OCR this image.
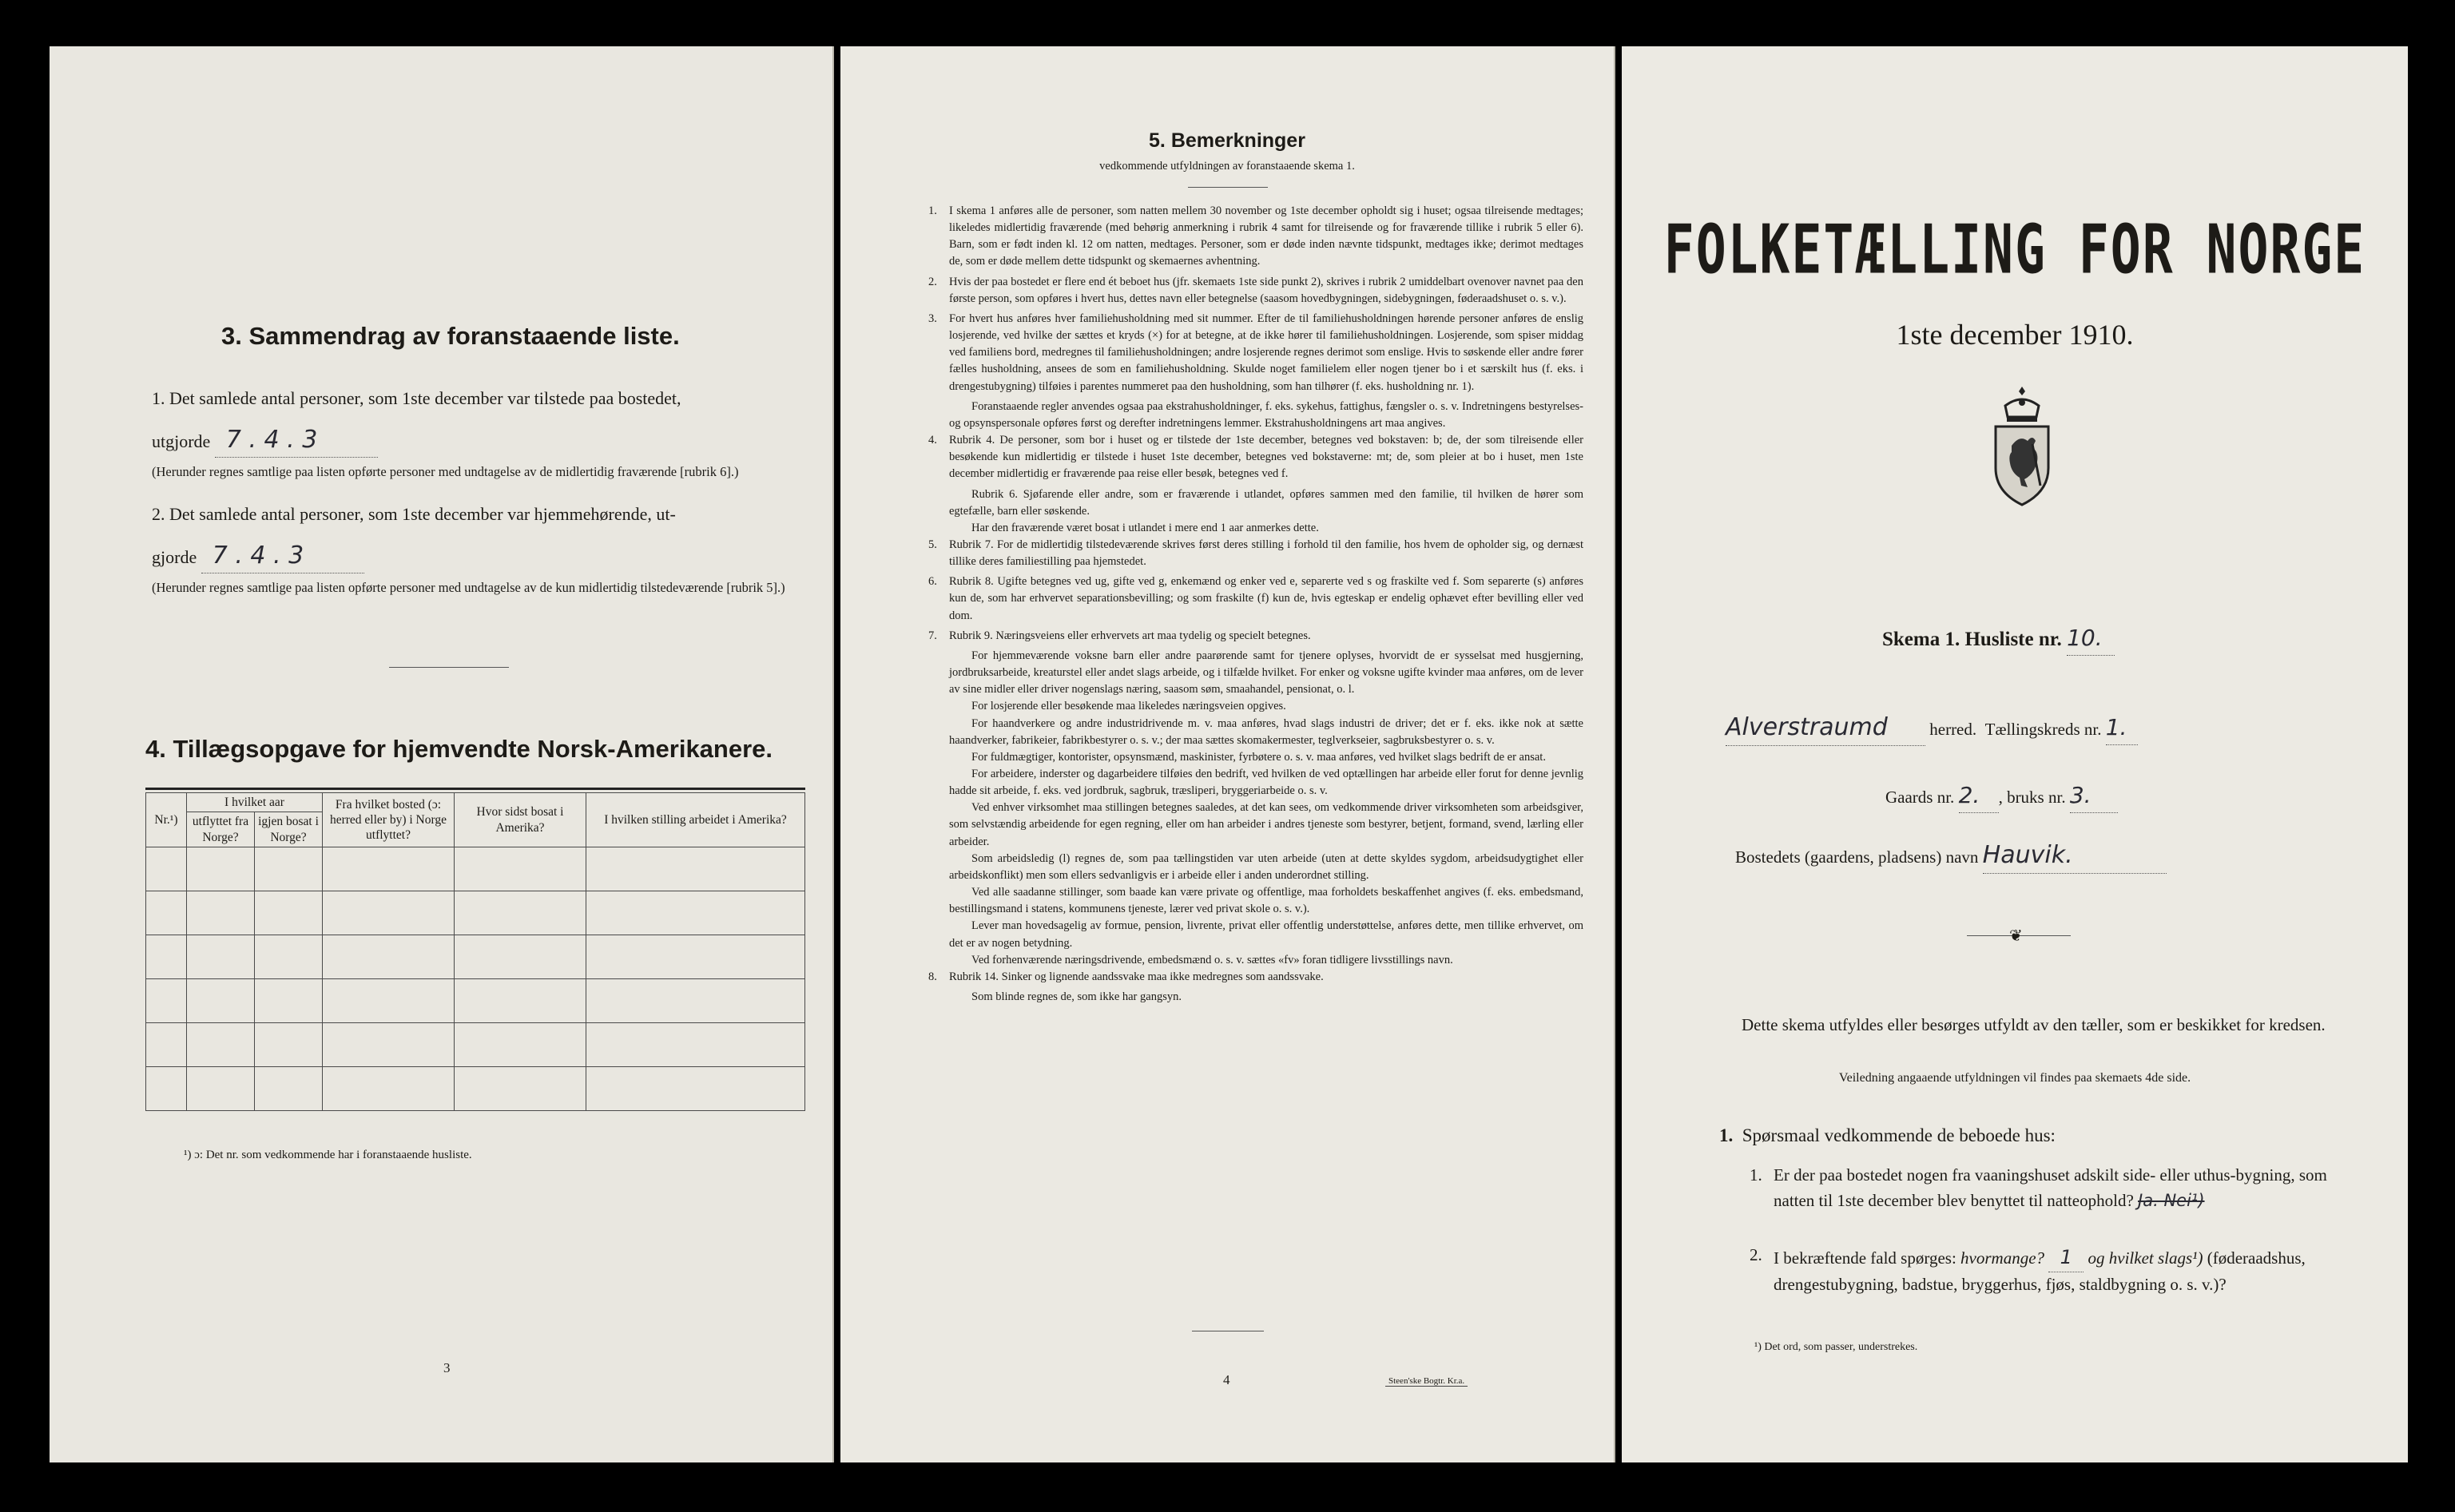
3. Sammendrag av foranstaaende liste.
1. Det samlede antal personer, som 1ste december var tilstede paa bostedet,
utgjorde 7 . 4 . 3
(Herunder regnes samtlige paa listen opførte personer med undtagelse av de midlertidig fraværende [rubrik 6].)
2. Det samlede antal personer, som 1ste december var hjemmehørende, ut-
gjorde 7 . 4 . 3
(Herunder regnes samtlige paa listen opførte personer med undtagelse av de kun midlertidig tilstedeværende [rubrik 5].)
4. Tillægsopgave for hjemvendte Norsk-Amerikanere.
Nr.¹)	I hvilket aar		Fra hvilket bosted (ɔ: herred eller by) i Norge utflyttet?	Hvor sidst bosat i Amerika?	I hvilken stilling arbeidet i Amerika?
	utflyttet fra Norge?	igjen bosat i Norge?			

¹) ɔ: Det nr. som vedkommende har i foranstaaende husliste.
3
5. Bemerkninger
vedkommende utfyldningen av foranstaaende skema 1.
1.	I skema 1 anføres alle de personer, som natten mellem 30 november og 1ste december opholdt sig i huset; ogsaa tilreisende medtages; likeledes midlertidig fraværende (med behørig anmerkning i rubrik 4 samt for tilreisende og for fraværende tillike i rubrik 5 eller 6). Barn, som er født inden kl. 12 om natten, medtages. Personer, som er døde inden nævnte tidspunkt, medtages ikke; derimot medtages de, som er døde mellem dette tidspunkt og skemaernes avhentning.

2.	Hvis der paa bostedet er flere end ét beboet hus (jfr. skemaets 1ste side punkt 2), skrives i rubrik 2 umiddelbart ovenover navnet paa den første person, som opføres i hvert hus, dettes navn eller betegnelse (saasom hovedbygningen, sidebygningen, føderaadshuset o. s. v.).

3.	For hvert hus anføres hver familiehusholdning med sit nummer. Efter de til familiehusholdningen hørende personer anføres de enslig losjerende, ved hvilke der sættes et kryds (×) for at betegne, at de ikke hører til familiehusholdningen. Losjerende, som spiser middag ved familiens bord, medregnes til familiehusholdningen; andre losjerende regnes derimot som enslige. Hvis to søskende eller andre fører fælles husholdning, ansees de som en familiehusholdning. Skulde noget familielem eller nogen tjener bo i et særskilt hus (f. eks. i drengestubygning) tilføies i parentes nummeret paa den husholdning, som han tilhører (f. eks. husholdning nr. 1).

Foranstaaende regler anvendes ogsaa paa ekstrahusholdninger, f. eks. sykehus, fattighus, fængsler o. s. v. Indretningens bestyrelses- og opsynspersonale opføres først og derefter indretningens lemmer. Ekstrahusholdningens art maa angives.

4.	Rubrik 4. De personer, som bor i huset og er tilstede der 1ste december, betegnes ved bokstaven: b; de, der som tilreisende eller besøkende kun midlertidig er tilstede i huset 1ste december, betegnes ved bokstaverne: mt; de, som pleier at bo i huset, men 1ste december midlertidig er fraværende paa reise eller besøk, betegnes ved f.

Rubrik 6. Sjøfarende eller andre, som er fraværende i utlandet, opføres sammen med den familie, til hvilken de hører som egtefælle, barn eller søskende.

Har den fraværende været bosat i utlandet i mere end 1 aar anmerkes dette.

5.	Rubrik 7. For de midlertidig tilstedeværende skrives først deres stilling i forhold til den familie, hos hvem de opholder sig, og dernæst tillike deres familiestilling paa hjemstedet.

6.	Rubrik 8. Ugifte betegnes ved ug, gifte ved g, enkemænd og enker ved e, separerte ved s og fraskilte ved f. Som separerte (s) anføres kun de, som har erhvervet separationsbevilling; og som fraskilte (f) kun de, hvis egteskap er endelig ophævet efter bevilling eller ved dom.

7.	Rubrik 9. Næringsveiens eller erhvervets art maa tydelig og specielt betegnes.

For hjemmeværende voksne barn eller andre paarørende samt for tjenere oplyses, hvorvidt de er sysselsat med husgjerning, jordbruksarbeide, kreaturstel eller andet slags arbeide, og i tilfælde hvilket. For enker og voksne ugifte kvinder maa anføres, om de lever av sine midler eller driver nogenslags næring, saasom søm, smaahandel, pensionat, o. l.

For losjerende eller besøkende maa likeledes næringsveien opgives.

For haandverkere og andre industridrivende m. v. maa anføres, hvad slags industri de driver; det er f. eks. ikke nok at sætte haandverker, fabrikeier, fabrikbestyrer o. s. v.; der maa sættes skomakermester, teglverkseier, sagbruksbestyrer o. s. v.

For fuldmægtiger, kontorister, opsynsmænd, maskinister, fyrbøtere o. s. v. maa anføres, ved hvilket slags bedrift de er ansat.

For arbeidere, inderster og dagarbeidere tilføies den bedrift, ved hvilken de ved optællingen har arbeide eller forut for denne jevnlig hadde sit arbeide, f. eks. ved jordbruk, sagbruk, træsliperi, bryggeriarbeide o. s. v.

Ved enhver virksomhet maa stillingen betegnes saaledes, at det kan sees, om vedkommende driver virksomheten som arbeidsgiver, som selvstændig arbeidende for egen regning, eller om han arbeider i andres tjeneste som bestyrer, betjent, formand, svend, lærling eller arbeider.

Som arbeidsledig (l) regnes de, som paa tællingstiden var uten arbeide (uten at dette skyldes sygdom, arbeidsudygtighet eller arbeidskonflikt) men som ellers sedvanligvis er i arbeide eller i anden underordnet stilling.

Ved alle saadanne stillinger, som baade kan være private og offentlige, maa forholdets beskaffenhet angives (f. eks. embedsmand, bestillingsmand i statens, kommunens tjeneste, lærer ved privat skole o. s. v.).

Lever man hovedsagelig av formue, pension, livrente, privat eller offentlig understøttelse, anføres dette, men tillike erhvervet, om det er av nogen betydning.

Ved forhenværende næringsdrivende, embedsmænd o. s. v. sættes «fv» foran tidligere livsstillings navn.

8.	Rubrik 14. Sinker og lignende aandssvake maa ikke medregnes som aandssvake.

Som blinde regnes de, som ikke har gangsyn.

4	Steen'ske Bogtr. Kr.a.
FOLKETÆLLING FOR NORGE
1ste december 1910.
Skema 1. Husliste nr. 10.
Alverstraumd herred. Tællingskreds nr. 1.
Gaards nr. 2. , bruks nr. 3.
Bostedets (gaardens, pladsens) navn Hauvik.
❦
Dette skema utfyldes eller besørges utfyldt av den tæller, som er beskikket for kredsen.
Veiledning angaaende utfyldningen vil findes paa skemaets 4de side.
1. Spørsmaal vedkommende de beboede hus:
1. Er der paa bostedet nogen fra vaaningshuset adskilt side- eller uthus-bygning, som natten til 1ste december blev benyttet til natteophold? Ja. Nei¹)
2. I bekræftende fald spørges: hvormange? 1 og hvilket slags¹) (føderaadshus, drengestubygning, badstue, bryggerhus, fjøs, staldbygning o. s. v.)?
¹) Det ord, som passer, understrekes.
